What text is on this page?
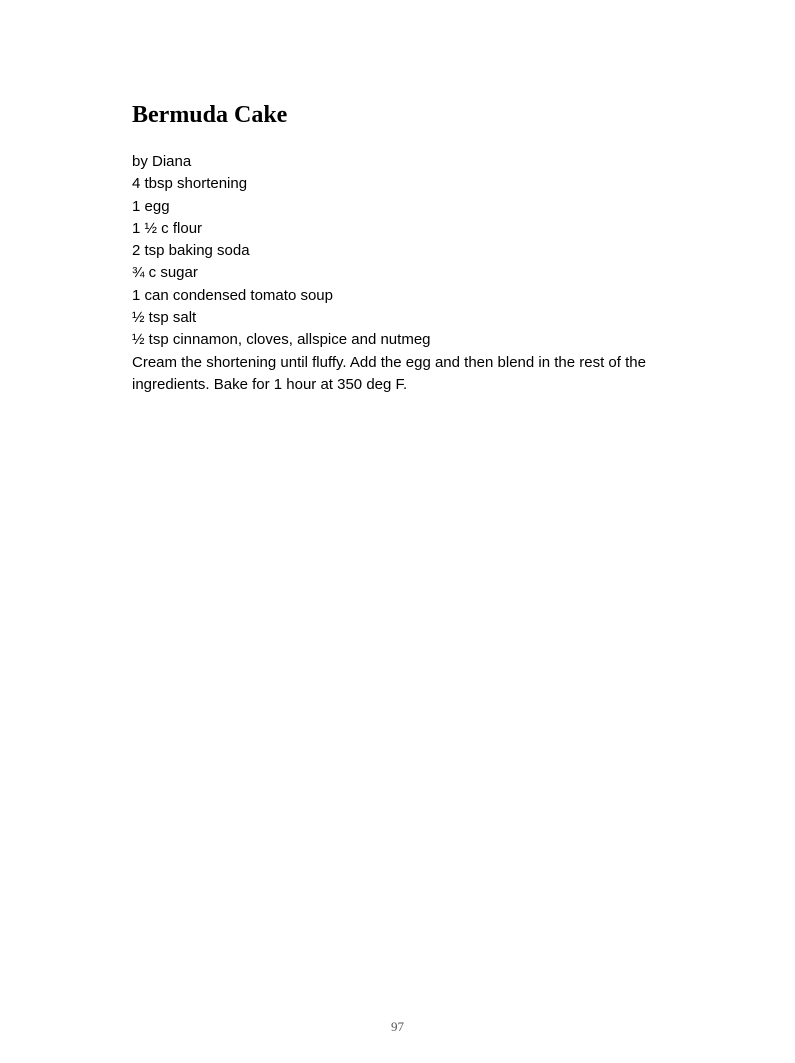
Bermuda Cake
by Diana
4 tbsp shortening
1 egg
1 ½ c flour
2 tsp baking soda
¾ c sugar
1 can condensed tomato soup
½ tsp salt
½ tsp cinnamon, cloves, allspice and nutmeg
Cream the shortening until fluffy. Add the egg and then blend in the rest of the ingredients. Bake for 1 hour at 350 deg F.
97
